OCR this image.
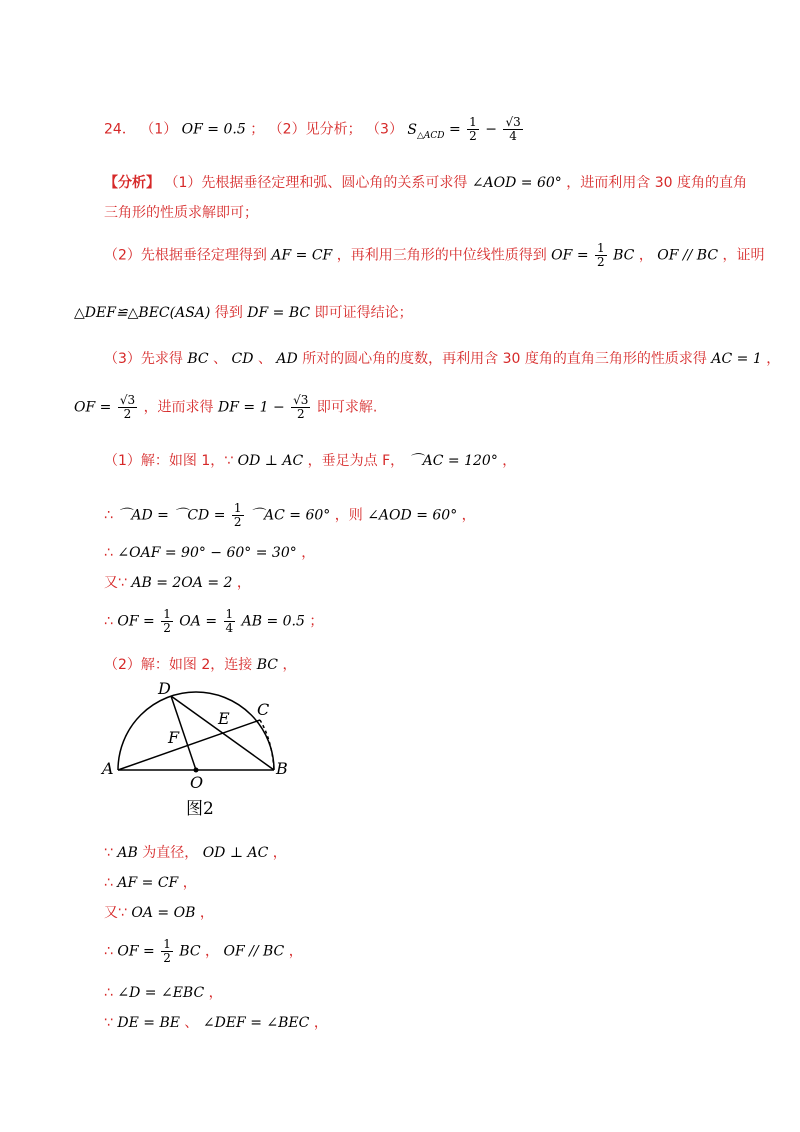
24． （1） OF = 0.5 ； （2）见分析； （3） $S_{\triangle ACD} = \frac{1}{2} - \frac{√3}{4}$
【分析】 （1）先根据垂径定理和弧、圆心角的关系可求得 ∠AOD = 60° ，进而利用含 30 度角的直角
三角形的性质求解即可；
（2）先根据垂径定理得到 AF = CF ，再利用三角形的中位线性质得到 OF = $\frac{1}{2}$ BC ， OF // BC ，证明
△DEF≌△BEC(ASA) 得到 DF = BC 即可证得结论；
（3）先求得 BC 、 CD 、 AD 所对的圆心角的度数，再利用含 30 度角的直角三角形的性质求得 AC = 1 ，
OF = $\frac{√3}{2}$ ，进而求得 DF = $1 - \frac{√3}{2}$ 即可求解.
（1）解：如图 1，∵ OD ⊥ AC ，垂足为点 F， ⌒AC = 120° ，
∴ ⌒AD = ⌒CD = $\frac{1}{2}$ ⌒AC = 60° ，则 ∠AOD = 60° ，
∴ ∠OAF = 90° − 60° = 30° ，
又∵ AB = 2OA = 2 ，
∴ OF = $\frac{1}{2}$ OA = $\frac{1}{4}$ AB = 0.5 ；
（2）解：如图 2，连接 BC ，
D
C
E
F
A	B
O
图2
∵ AB 为直径， OD ⊥ AC ，
∴ AF = CF ，
又∵ OA = OB ，
∴ OF = $\frac{1}{2}$ BC ， OF // BC ，
∴ ∠D = ∠EBC ，
∵ DE = BE 、 ∠DEF = ∠BEC ，
